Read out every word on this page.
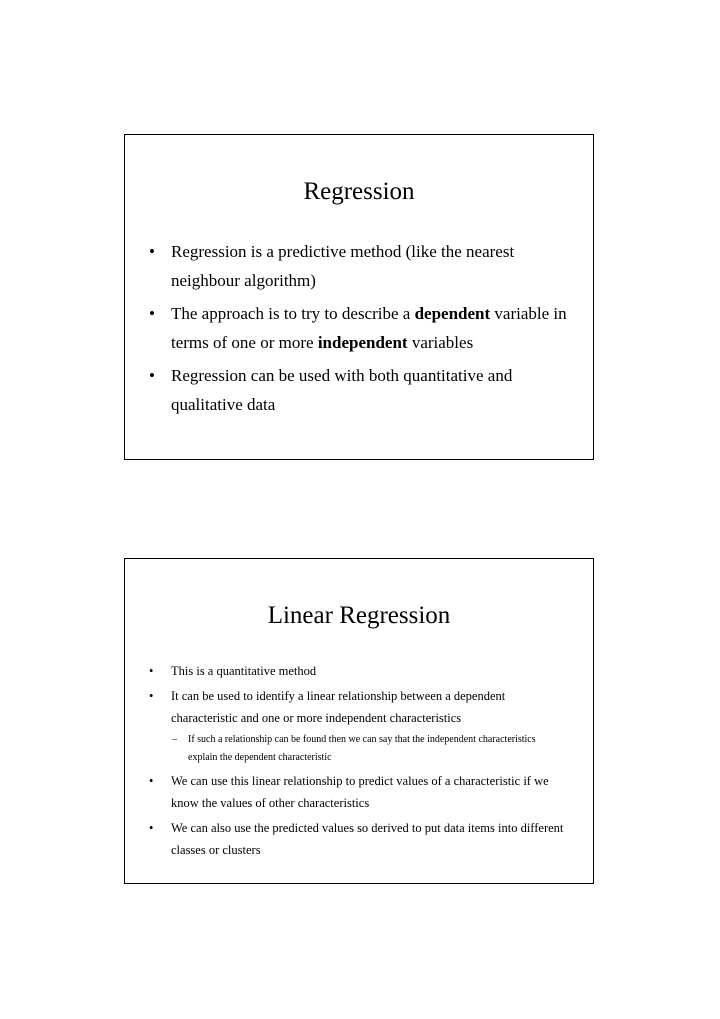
Regression
• Regression is a predictive method (like the nearest neighbour algorithm)
• The approach is to try to describe a dependent variable in terms of one or more independent variables
• Regression can be used with both quantitative and qualitative data
Linear Regression
• This is a quantitative method
• It can be used to identify a linear relationship between a dependent characteristic and one or more independent characteristics
– If such a relationship can be found then we can say that the independent characteristics explain the dependent characteristic
• We can use this linear relationship to predict values of a characteristic if we know the values of other characteristics
• We can also use the predicted values so derived to put data items into different classes or clusters
